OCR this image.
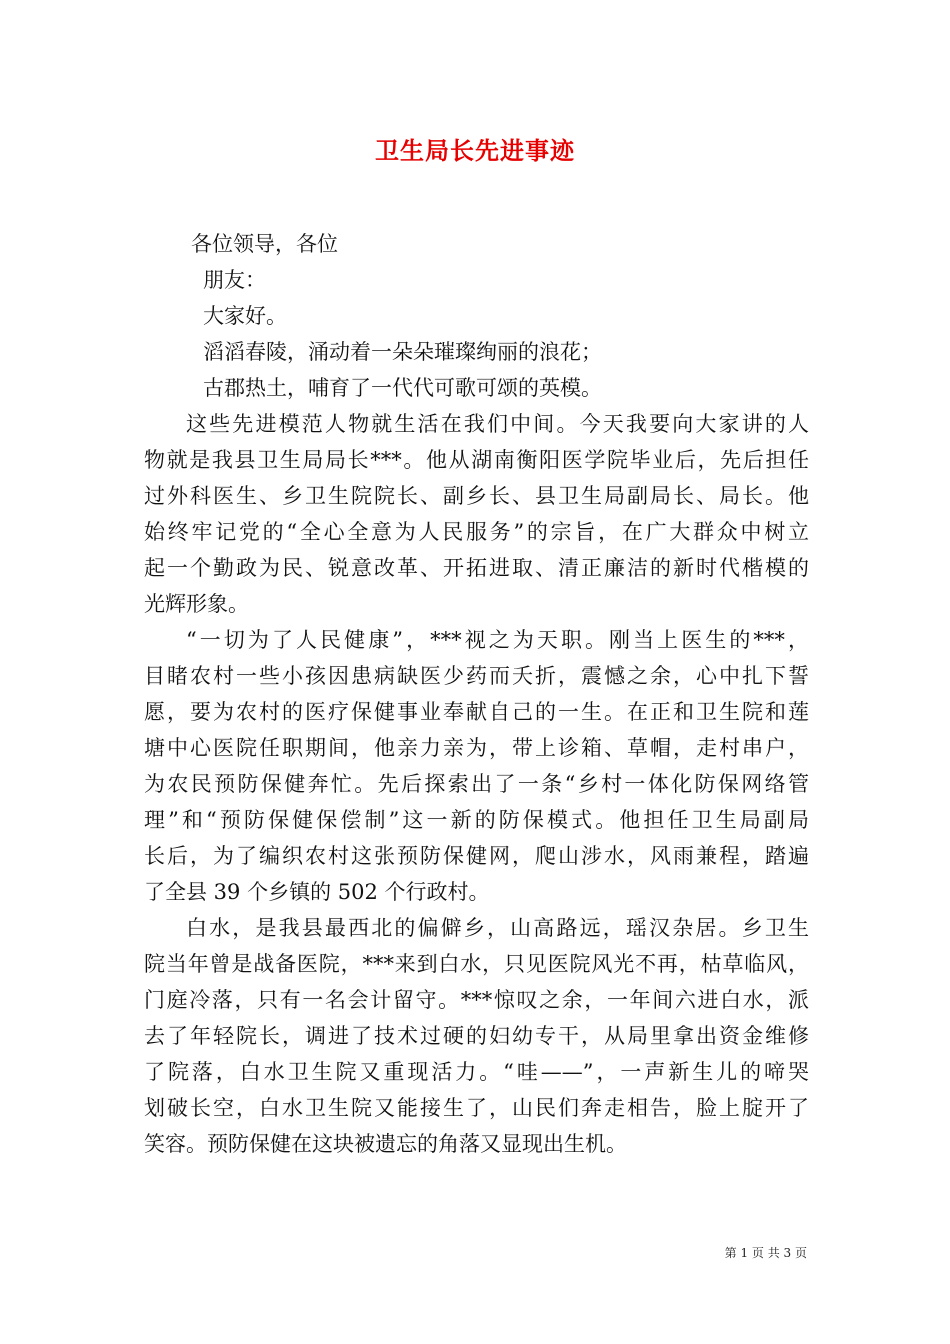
卫生局长先进事迹
各位领导，各位
朋友：
大家好。
滔滔春陵，涌动着一朵朵璀璨绚丽的浪花；
古郡热土，哺育了一代代可歌可颂的英模。
这些先进模范人物就生活在我们中间。今天我要向大家讲的人
物就是我县卫生局局长***。他从湖南衡阳医学院毕业后，先后担任
过外科医生、乡卫生院院长、副乡长、县卫生局副局长、局长。他
始终牢记党的“全心全意为人民服务”的宗旨，在广大群众中树立
起一个勤政为民、锐意改革、开拓进取、清正廉洁的新时代楷模的
光辉形象。
“一切为了人民健康”，***视之为天职。刚当上医生的***，
目睹农村一些小孩因患病缺医少药而夭折，震憾之余，心中扎下誓
愿，要为农村的医疗保健事业奉献自己的一生。在正和卫生院和莲
塘中心医院任职期间，他亲力亲为，带上诊箱、草帽，走村串户，
为农民预防保健奔忙。先后探索出了一条“乡村一体化防保网络管
理”和“预防保健保偿制”这一新的防保模式。他担任卫生局副局
长后，为了编织农村这张预防保健网，爬山涉水，风雨兼程，踏遍
了全县 39 个乡镇的 502 个行政村。
白水，是我县最西北的偏僻乡，山高路远，瑶汉杂居。乡卫生
院当年曾是战备医院，***来到白水，只见医院风光不再，枯草临风，
门庭冷落，只有一名会计留守。***惊叹之余，一年间六进白水，派
去了年轻院长，调进了技术过硬的妇幼专干，从局里拿出资金维修
了院落，白水卫生院又重现活力。“哇——”，一声新生儿的啼哭
划破长空，白水卫生院又能接生了，山民们奔走相告，脸上腚开了
笑容。预防保健在这块被遗忘的角落又显现出生机。
第 1 页 共 3 页
